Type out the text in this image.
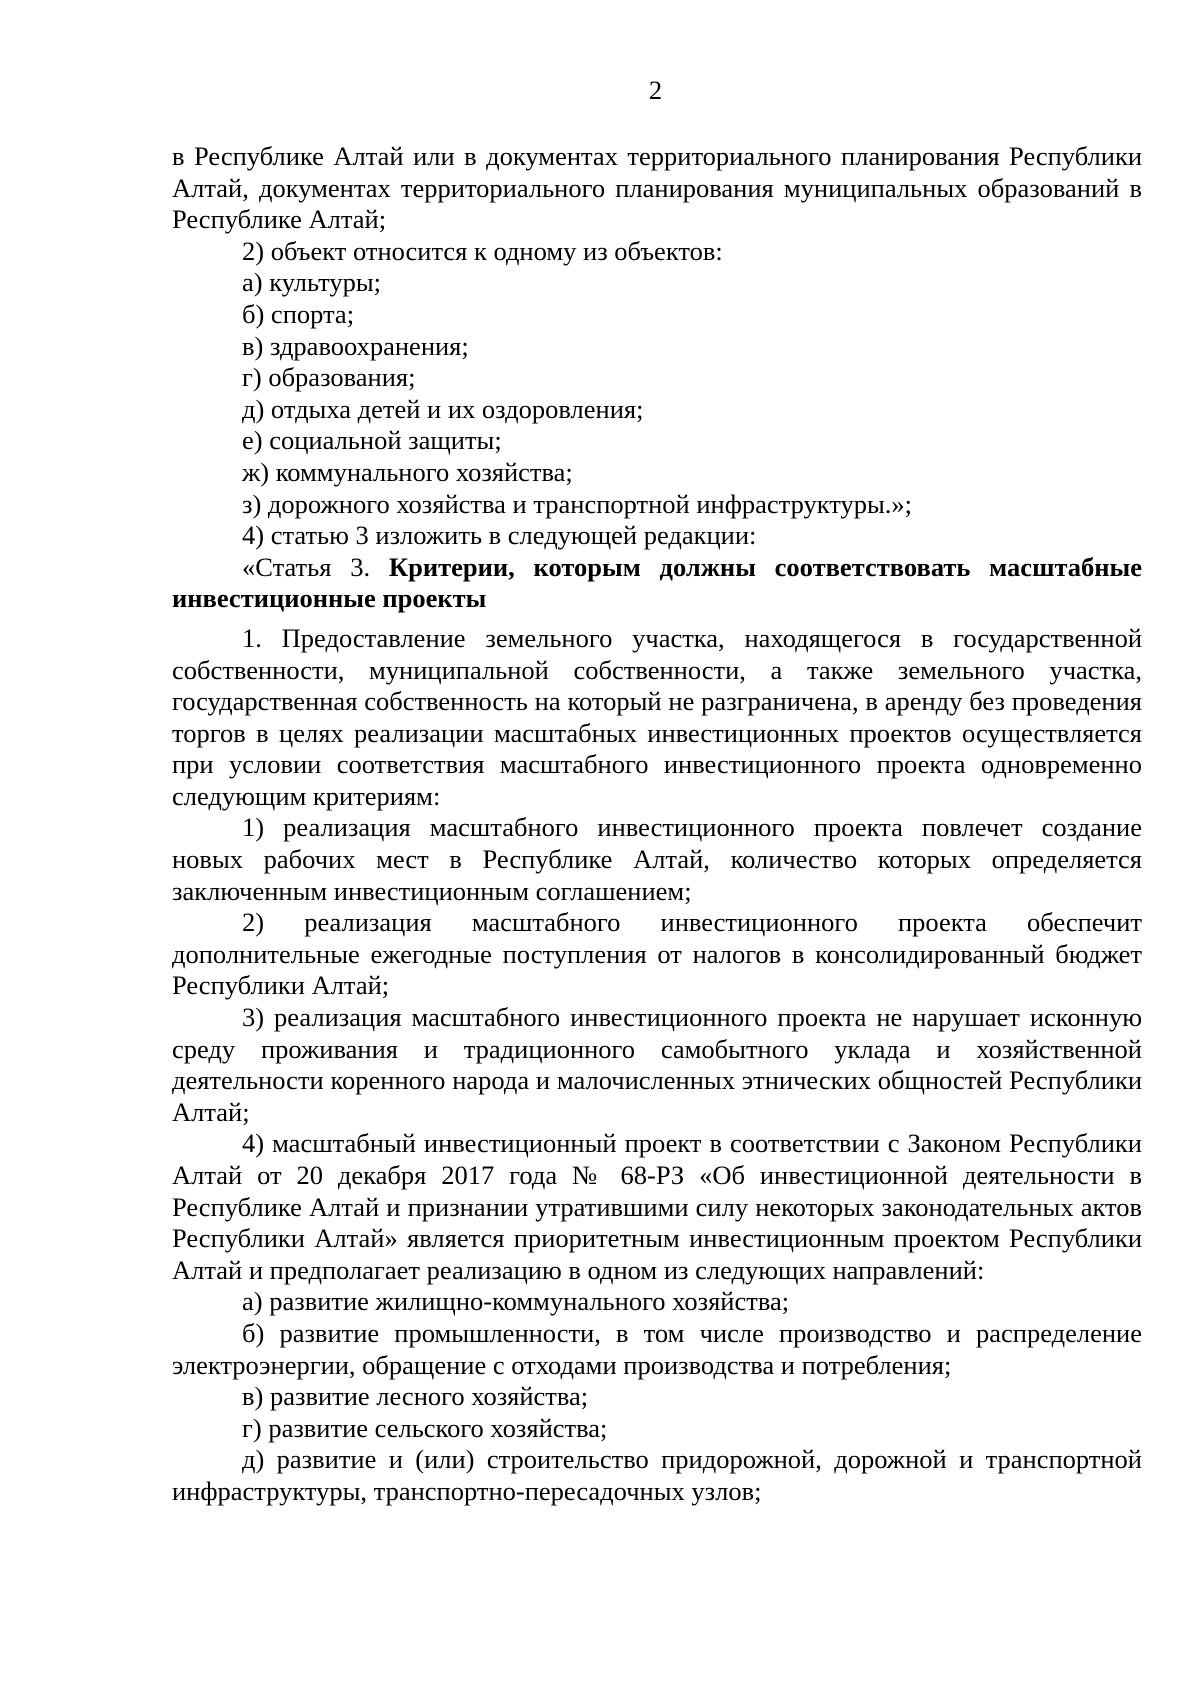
2

в Республике Алтай или в документах территориального планирования Республики Алтай, документах территориального планирования муниципальных образований в Республике Алтай;

2) объект относится к одному из объектов:

а) культуры;

б) спорта;

в) здравоохранения;

г) образования;

д) отдыха детей и их оздоровления;

е) социальной защиты;

ж) коммунального хозяйства;

з) дорожного хозяйства и транспортной инфраструктуры.»;

4) статью 3 изложить в следующей редакции:

«Статья 3. Критерии, которым должны соответствовать масштабные инвестиционные проекты

1. Предоставление земельного участка, находящегося в государственной собственности, муниципальной собственности, а также земельного участка, государственная собственность на который не разграничена, в аренду без проведения торгов в целях реализации масштабных инвестиционных проектов осуществляется при условии соответствия масштабного инвестиционного проекта одновременно следующим критериям:

1) реализация масштабного инвестиционного проекта повлечет создание новых рабочих мест в Республике Алтай, количество которых определяется заключенным инвестиционным соглашением;

2) реализация масштабного инвестиционного проекта обеспечит дополнительные ежегодные поступления от налогов в консолидированный бюджет Республики Алтай;

3) реализация масштабного инвестиционного проекта не нарушает исконную среду проживания и традиционного самобытного уклада и хозяйственной деятельности коренного народа и малочисленных этнических общностей Республики Алтай;

4) масштабный инвестиционный проект в соответствии с Законом Республики Алтай от 20 декабря 2017 года № 68-РЗ «Об инвестиционной деятельности в Республике Алтай и признании утратившими силу некоторых законодательных актов Республики Алтай» является приоритетным инвестиционным проектом Республики Алтай и предполагает реализацию в одном из следующих направлений:

а) развитие жилищно-коммунального хозяйства;

б) развитие промышленности, в том числе производство и распределение электроэнергии, обращение с отходами производства и потребления;

в) развитие лесного хозяйства;

г) развитие сельского хозяйства;

д) развитие и (или) строительство придорожной, дорожной и транспортной инфраструктуры, транспортно-пересадочных узлов;
